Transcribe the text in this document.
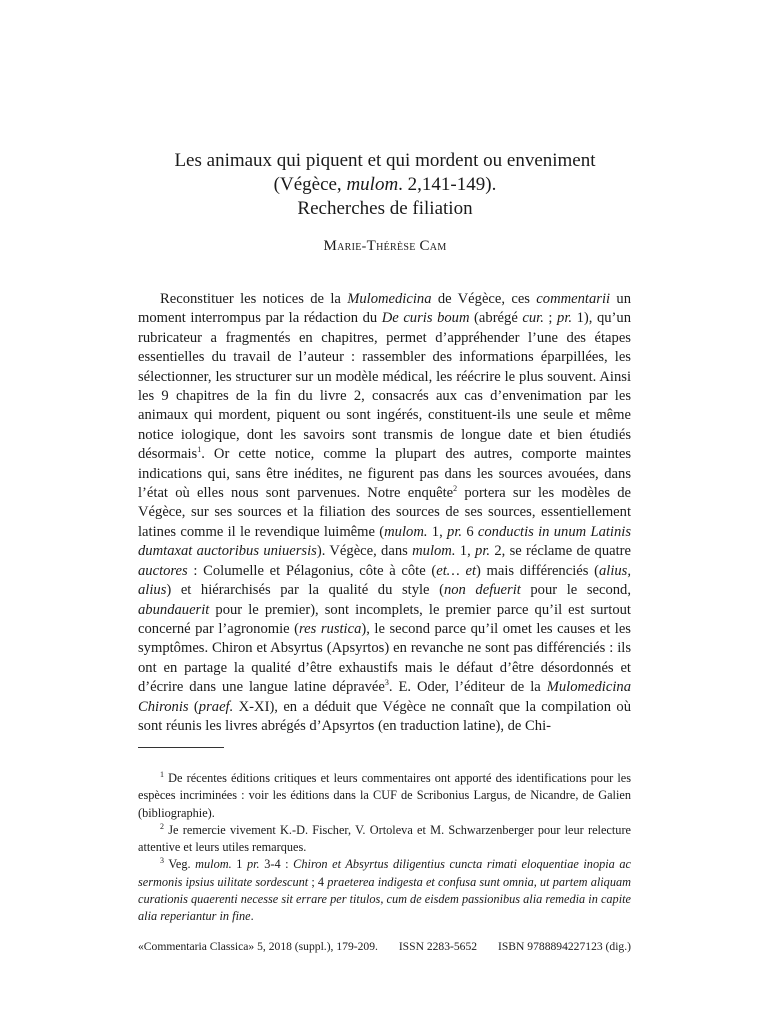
Les animaux qui piquent et qui mordent ou enveniment
(Végèce, mulom. 2,141-149).
Recherches de filiation
Marie-Thérèse Cam

Reconstituer les notices de la Mulomedicina de Végèce, ces commentarii un moment interrompus par la rédaction du De curis boum (abrégé cur. ; pr. 1), qu’un rubricateur a fragmentés en chapitres, permet d’appréhender l’une des étapes essentielles du travail de l’auteur : rassembler des informations éparpillées, les sélectionner, les structurer sur un modèle médical, les réécrire le plus souvent. Ainsi les 9 chapitres de la fin du livre 2, consacrés aux cas d’envenimation par les animaux qui mordent, piquent ou sont ingérés, constituent-ils une seule et même notice iologique, dont les savoirs sont transmis de longue date et bien étudiés désormais$^1$. Or cette notice, comme la plupart des autres, comporte maintes indications qui, sans être inédites, ne figurent pas dans les sources avouées, dans l’état où elles nous sont parvenues. Notre enquête$^2$ portera sur les modèles de Végèce, sur ses sources et la filiation des sources de ses sources, essentiellement latines comme il le revendique luimême (mulom. 1, pr. 6 conductis in unum Latinis dumtaxat auctoribus uniuersis). Végèce, dans mulom. 1, pr. 2, se réclame de quatre auctores : Columelle et Pélagonius, côte à côte (et… et) mais différenciés (alius, alius) et hiérarchisés par la qualité du style (non defuerit pour le second, abundauerit pour le premier), sont incomplets, le premier parce qu’il est surtout concerné par l’agronomie (res rustica), le second parce qu’il omet les causes et les symptômes. Chiron et Absyrtus (Apsyrtos) en revanche ne sont pas différenciés : ils ont en partage la qualité d’être exhaustifs mais le défaut d’être désordonnés et d’écrire dans une langue latine dépravée$^3$. E. Oder, l’éditeur de la Mulomedicina Chironis (praef. X-XI), en a déduit que Végèce ne connaît que la compilation où sont réunis les livres abrégés d’Apsyrtos (en traduction latine), de Chi-

$^1$ De récentes éditions critiques et leurs commentaires ont apporté des identifications pour les espèces incriminées : voir les éditions dans la CUF de Scribonius Largus, de Nicandre, de Galien (bibliographie).

$^2$ Je remercie vivement K.-D. Fischer, V. Ortoleva et M. Schwarzenberger pour leur relecture attentive et leurs utiles remarques.

$^3$ Veg. mulom. 1 pr. 3-4 : Chiron et Absyrtus diligentius cuncta rimati eloquentiae inopia ac sermonis ipsius uilitate sordescunt ; 4 praeterea indigesta et confusa sunt omnia, ut partem aliquam curationis quaerenti necesse sit errare per titulos, cum de eisdem passionibus alia remedia in capite alia reperiantur in fine.

«Commentaria Classica» 5, 2018 (suppl.), 179-209. ISSN 2283-5652 ISBN 9788894227123 (dig.)
